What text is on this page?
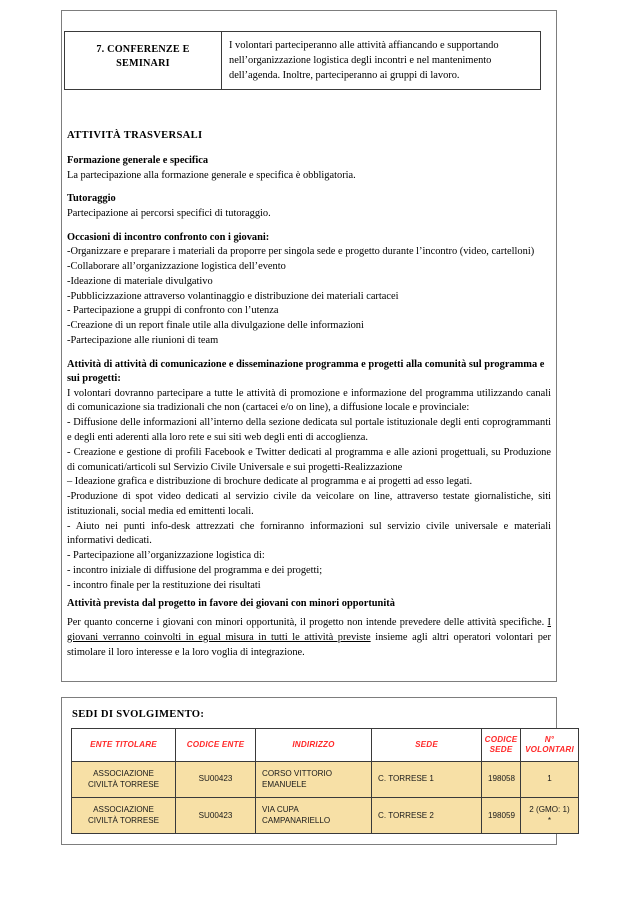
7. CONFERENZE E SEMINARI	I volontari parteciperanno alle attività affiancando e supportando nell’organizzazione logistica degli incontri e nel mantenimento dell’agenda. Inoltre, parteciperanno ai gruppi di lavoro.
ATTIVITÀ TRASVERSALI
Formazione generale e specifica

La partecipazione alla formazione generale e specifica è obbligatoria.

Tutoraggio

Partecipazione ai percorsi specifici di tutoraggio.

Occasioni di incontro confronto con i giovani:
-Organizzare e preparare i materiali da proporre per singola sede e progetto durante l’incontro (video, cartelloni)
-Collaborare all’organizzazione logistica dell’evento
-Ideazione di materiale divulgativo
-Pubblicizzazione attraverso volantinaggio e distribuzione dei materiali cartacei
- Partecipazione a gruppi di confronto con l’utenza
-Creazione di un report finale utile alla divulgazione delle informazioni
-Partecipazione alle riunioni di team
Attività di attività di comunicazione e disseminazione programma e progetti alla comunità sul programma e sui progetti:

I volontari dovranno partecipare a tutte le attività di promozione e informazione del programma utilizzando canali di comunicazione sia tradizionali che non (cartacei e/o on line), a diffusione locale e provinciale:

- Diffusione delle informazioni all’interno della sezione dedicata sul portale istituzionale degli enti coprogrammanti e degli enti aderenti alla loro rete e sui siti web degli enti di accoglienza.

- Creazione e gestione di profili Facebook e Twitter dedicati al programma e alle azioni progettuali, su Produzione di comunicati/articoli sul Servizio Civile Universale e sui progetti-Realizzazione

– Ideazione grafica e distribuzione di brochure dedicate al programma e ai progetti ad esso legati.

-Produzione di spot video dedicati al servizio civile da veicolare on line, attraverso testate giornalistiche, siti istituzionali, social media ed emittenti locali.

- Aiuto nei punti info-desk attrezzati che forniranno informazioni sul servizio civile universale e materiali informativi dedicati.

- Partecipazione all’organizzazione logistica di:

- incontro iniziale di diffusione del programma e dei progetti;

- incontro finale per la restituzione dei risultati

Attività prevista dal progetto in favore dei giovani con minori opportunità

Per quanto concerne i giovani con minori opportunità, il progetto non intende prevedere delle attività specifiche. I giovani verranno coinvolti in egual misura in tutti le attività previste insieme agli altri operatori volontari per stimolare il loro interesse e la loro voglia di integrazione.

SEDI DI SVOLGIMENTO:
ENTE TITOLARE	CODICE ENTE	INDIRIZZO	SEDE	CODICE SEDE	N° VOLONTARI
ASSOCIAZIONE CIVILTÀ TORRESE	SU00423	CORSO VITTORIO EMANUELE	C. TORRESE 1	198058	1
ASSOCIAZIONE CIVILTÀ TORRESE	SU00423	VIA CUPA CAMPANARIELLO	C. TORRESE 2	198059	2 (GMO: 1) *
